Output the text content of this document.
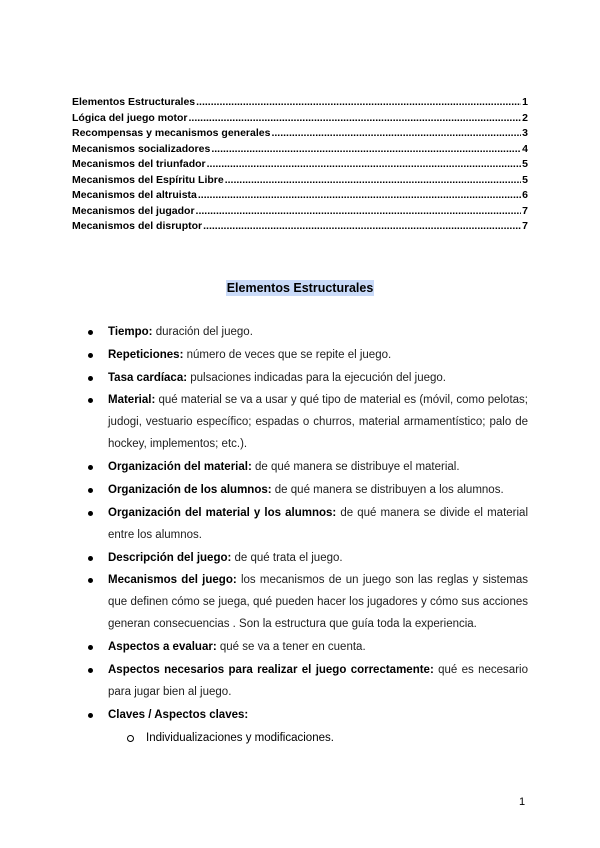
Elementos Estructurales .....	1
Lógica del juego motor .....	2
Recompensas y mecanismos generales .....	3
Mecanismos socializadores .....	4
Mecanismos del triunfador .....	5
Mecanismos del Espíritu Libre .....	5
Mecanismos del altruista .....	6
Mecanismos del jugador .....	7
Mecanismos del disruptor .....	7
Elementos Estructurales
Tiempo: duración del juego.
Repeticiones: número de veces que se repite el juego.
Tasa cardíaca: pulsaciones indicadas para la ejecución del juego.
Material: qué material se va a usar y qué tipo de material es (móvil, como pelotas; judogi, vestuario específico; espadas o churros, material armamentístico; palo de hockey, implementos; etc.).
Organización del material: de qué manera se distribuye el material.
Organización de los alumnos: de qué manera se distribuyen a los alumnos.
Organización del material y los alumnos: de qué manera se divide el material entre los alumnos.
Descripción del juego: de qué trata el juego.
Mecanismos del juego: los mecanismos de un juego son las reglas y sistemas que definen cómo se juega, qué pueden hacer los jugadores y cómo sus acciones generan consecuencias . Son la estructura que guía toda la experiencia.
Aspectos a evaluar: qué se va a tener en cuenta.
Aspectos necesarios para realizar el juego correctamente: qué es necesario para jugar bien al juego.
Claves / Aspectos claves:
Individualizaciones y modificaciones.
1
